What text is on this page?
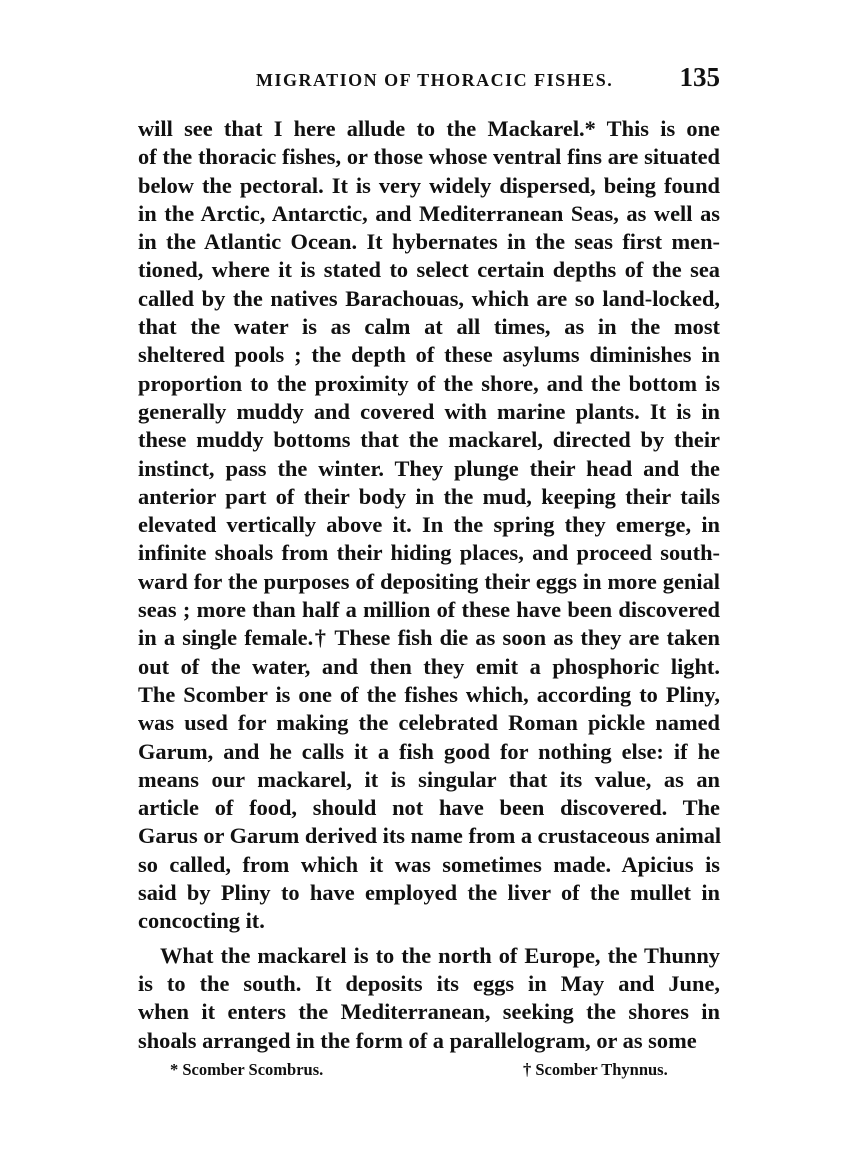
MIGRATION OF THORACIC FISHES. 135
will see that I here allude to the Mackarel.* This is one
of the thoracic fishes, or those whose ventral fins are situated
below the pectoral. It is very widely dispersed, being found
in the Arctic, Antarctic, and Mediterranean Seas, as well as
in the Atlantic Ocean. It hybernates in the seas first men-
tioned, where it is stated to select certain depths of the sea
called by the natives Barachouas, which are so land-locked,
that the water is as calm at all times, as in the most
sheltered pools ; the depth of these asylums diminishes in
proportion to the proximity of the shore, and the bottom is
generally muddy and covered with marine plants. It is in
these muddy bottoms that the mackarel, directed by their
instinct, pass the winter. They plunge their head and the
anterior part of their body in the mud, keeping their tails
elevated vertically above it. In the spring they emerge, in
infinite shoals from their hiding places, and proceed south-
ward for the purposes of depositing their eggs in more genial
seas ; more than half a million of these have been discovered
in a single female.† These fish die as soon as they are taken
out of the water, and then they emit a phosphoric light.
The Scomber is one of the fishes which, according to Pliny,
was used for making the celebrated Roman pickle named
Garum, and he calls it a fish good for nothing else: if he
means our mackarel, it is singular that its value, as an
article of food, should not have been discovered. The
Garus or Garum derived its name from a crustaceous animal
so called, from which it was sometimes made. Apicius is
said by Pliny to have employed the liver of the mullet in
concocting it.
What the mackarel is to the north of Europe, the Thunny
is to the south. It deposits its eggs in May and June,
when it enters the Mediterranean, seeking the shores in
shoals arranged in the form of a parallelogram, or as some
* Scomber Scombrus.	† Scomber Thynnus.
